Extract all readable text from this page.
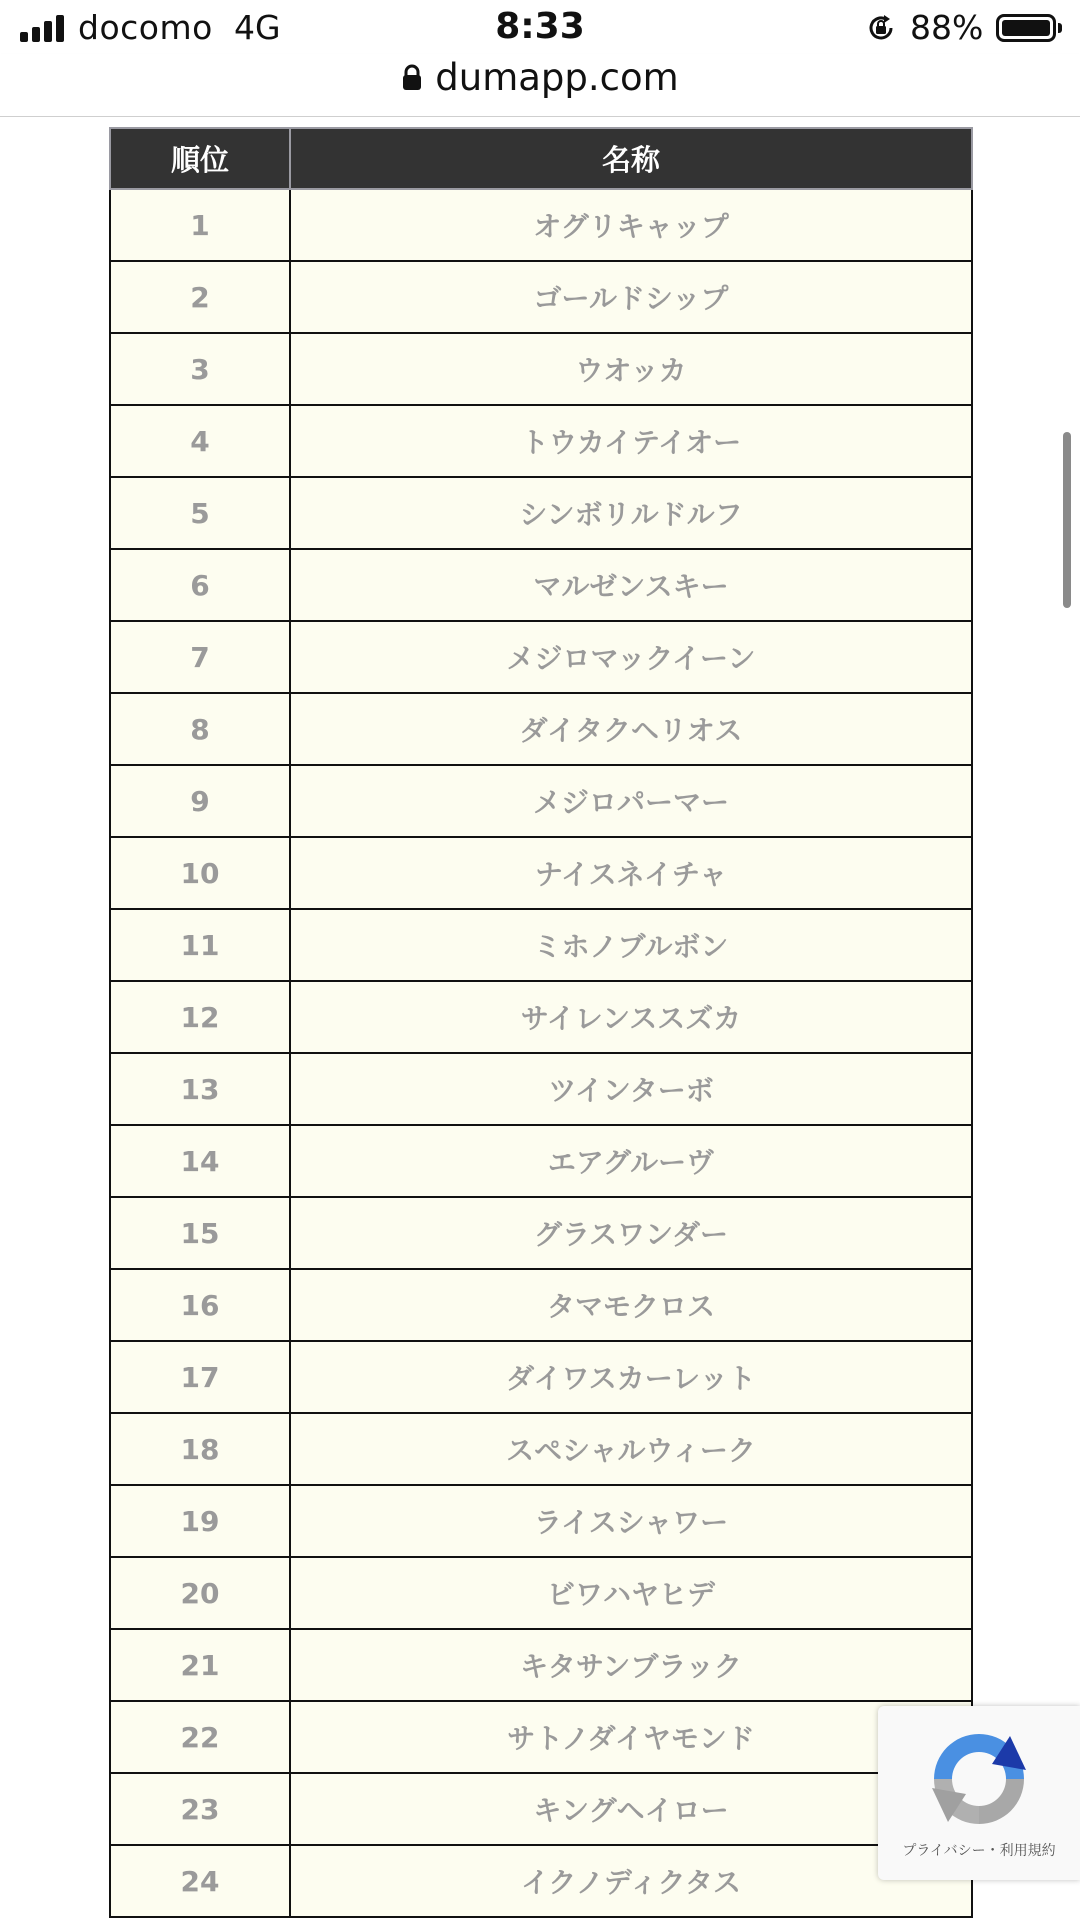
docomo 4G	8:33	88%
dumapp.com
順位	名称
1	オグリキャップ
2	ゴールドシップ
3	ウオッカ
4	トウカイテイオー
5	シンボリルドルフ
6	マルゼンスキー
7	メジロマックイーン
8	ダイタクヘリオス
9	メジロパーマー
10	ナイスネイチャ
11	ミホノブルボン
12	サイレンススズカ
13	ツインターボ
14	エアグルーヴ
15	グラスワンダー
16	タマモクロス
17	ダイワスカーレット
18	スペシャルウィーク
19	ライスシャワー
20	ビワハヤヒデ
21	キタサンブラック
22	サトノダイヤモンド
23	キングヘイロー
24	イクノディクタス
プライバシー・利用規約
